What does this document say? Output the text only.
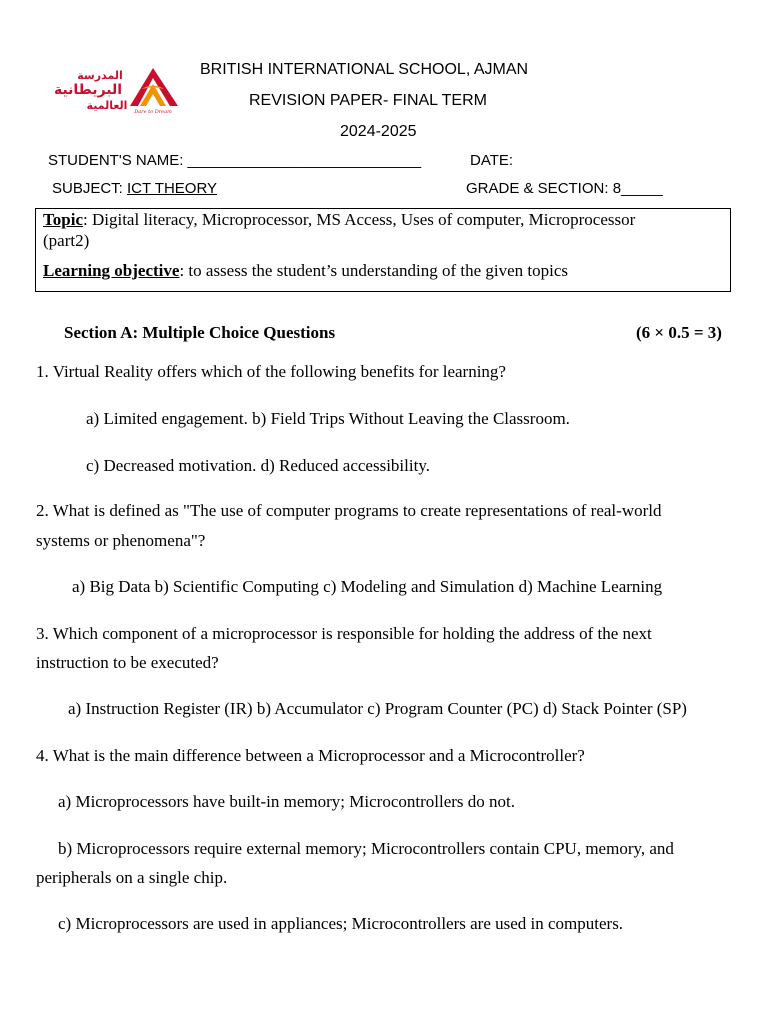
المدرسة
البريطانية
العالمية Dare to Dream
BRITISH INTERNATIONAL SCHOOL, AJMAN
REVISION PAPER- FINAL TERM
2024-2025
STUDENT'S NAME: ____________________________	DATE:
SUBJECT: ICT THEORY	GRADE & SECTION: 8_____
Topic: Digital literacy, Microprocessor, MS Access, Uses of computer, Microprocessor
(part2)
Learning objective: to assess the student’s understanding of the given topics
Section A: Multiple Choice Questions	(6 × 0.5 = 3)
1. Virtual Reality offers which of the following benefits for learning?
a) Limited engagement. b) Field Trips Without Leaving the Classroom.
c) Decreased motivation. d) Reduced accessibility.
2. What is defined as "The use of computer programs to create representations of real-world
systems or phenomena"?
a) Big Data b) Scientific Computing c) Modeling and Simulation d) Machine Learning
3. Which component of a microprocessor is responsible for holding the address of the next
instruction to be executed?
a) Instruction Register (IR) b) Accumulator c) Program Counter (PC) d) Stack Pointer (SP)
4. What is the main difference between a Microprocessor and a Microcontroller?
a) Microprocessors have built-in memory; Microcontrollers do not.
b) Microprocessors require external memory; Microcontrollers contain CPU, memory, and
peripherals on a single chip.
c) Microprocessors are used in appliances; Microcontrollers are used in computers.
